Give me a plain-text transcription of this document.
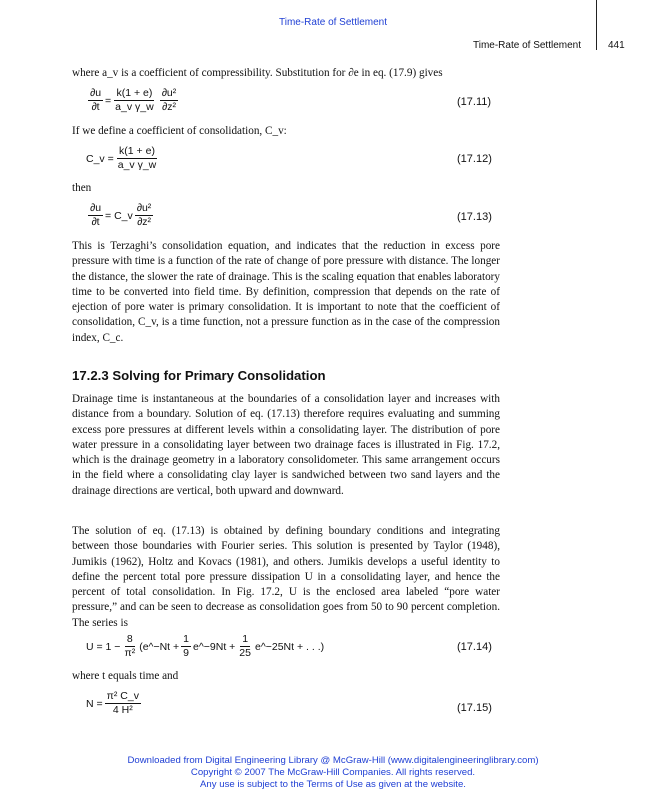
Time-Rate of Settlement
Time-Rate of Settlement	441
where a_v is a coefficient of compressibility. Substitution for ∂e in eq. (17.9) gives
$\frac{\partial u}{\partial t} = \frac{k(1 + e)}{\text{a\_v γ\_w}} \frac{\text{∂u²}}{\text{∂z²}}$	(17.11)
If we define a coefficient of consolidation, C_v:
C_v = $\frac{k(1 + e)}{\text{a\_v γ\_w}}$	(17.12)
then
$\frac{\partial u}{\partial t}$ = C_v $\frac{\text{∂u²}}{\text{∂z²}}$	(17.13)
This is Terzaghi’s consolidation equation, and indicates that the reduction in excess pore pressure with time is a function of the rate of change of pore pressure with distance. The longer the distance, the slower the rate of drainage. This is the scaling equation that enables laboratory time to be converted into field time. By definition, compression that depends on the rate of ejection of pore water is primary consolidation. It is important to note that the coefficient of consolidation, C_v, is a time function, not a pressure function as in the case of the compression index, C_c.
17.2.3 Solving for Primary Consolidation
Drainage time is instantaneous at the boundaries of a consolidation layer and increases with distance from a boundary. Solution of eq. (17.13) therefore requires evaluating and summing excess pore pressures at different levels within a consolidating layer. The distribution of pore water pressure in a consolidating layer between two drainage faces is illustrated in Fig. 17.2, which is the drainage geometry in a laboratory consolidometer. This same arrangement occurs in the field where a consolidating clay layer is sandwiched between two sand layers and the drainage directions are vertical, both upward and downward.
The solution of eq. (17.13) is obtained by defining boundary conditions and integrating between those boundaries with Fourier series. This solution is presented by Taylor (1948), Jumikis (1962), Holtz and Kovacs (1981), and others. Jumikis develops a useful identity to define the percent total pore pressure dissipation U in a consolidating layer, and hence the percent of total consolidation. In Fig. 17.2, U is the enclosed area labeled “pore water pressure,” and can be seen to decrease as consolidation goes from 50 to 90 percent completion. The series is
$U = 1 - \frac{8}{\text{π²}}$ (e^−Nt + $\frac{1}{9}$ e^−9Nt + $\frac{1}{25}$ e^−25Nt + . . .)	(17.14)
where t equals time and
$N = \frac{\text{π² C\_v}}{\text{4 H²}}$	(17.15)
Downloaded from Digital Engineering Library @ McGraw-Hill (www.digitalengineeringlibrary.com)
Copyright © 2007 The McGraw-Hill Companies. All rights reserved.
Any use is subject to the Terms of Use as given at the website.
